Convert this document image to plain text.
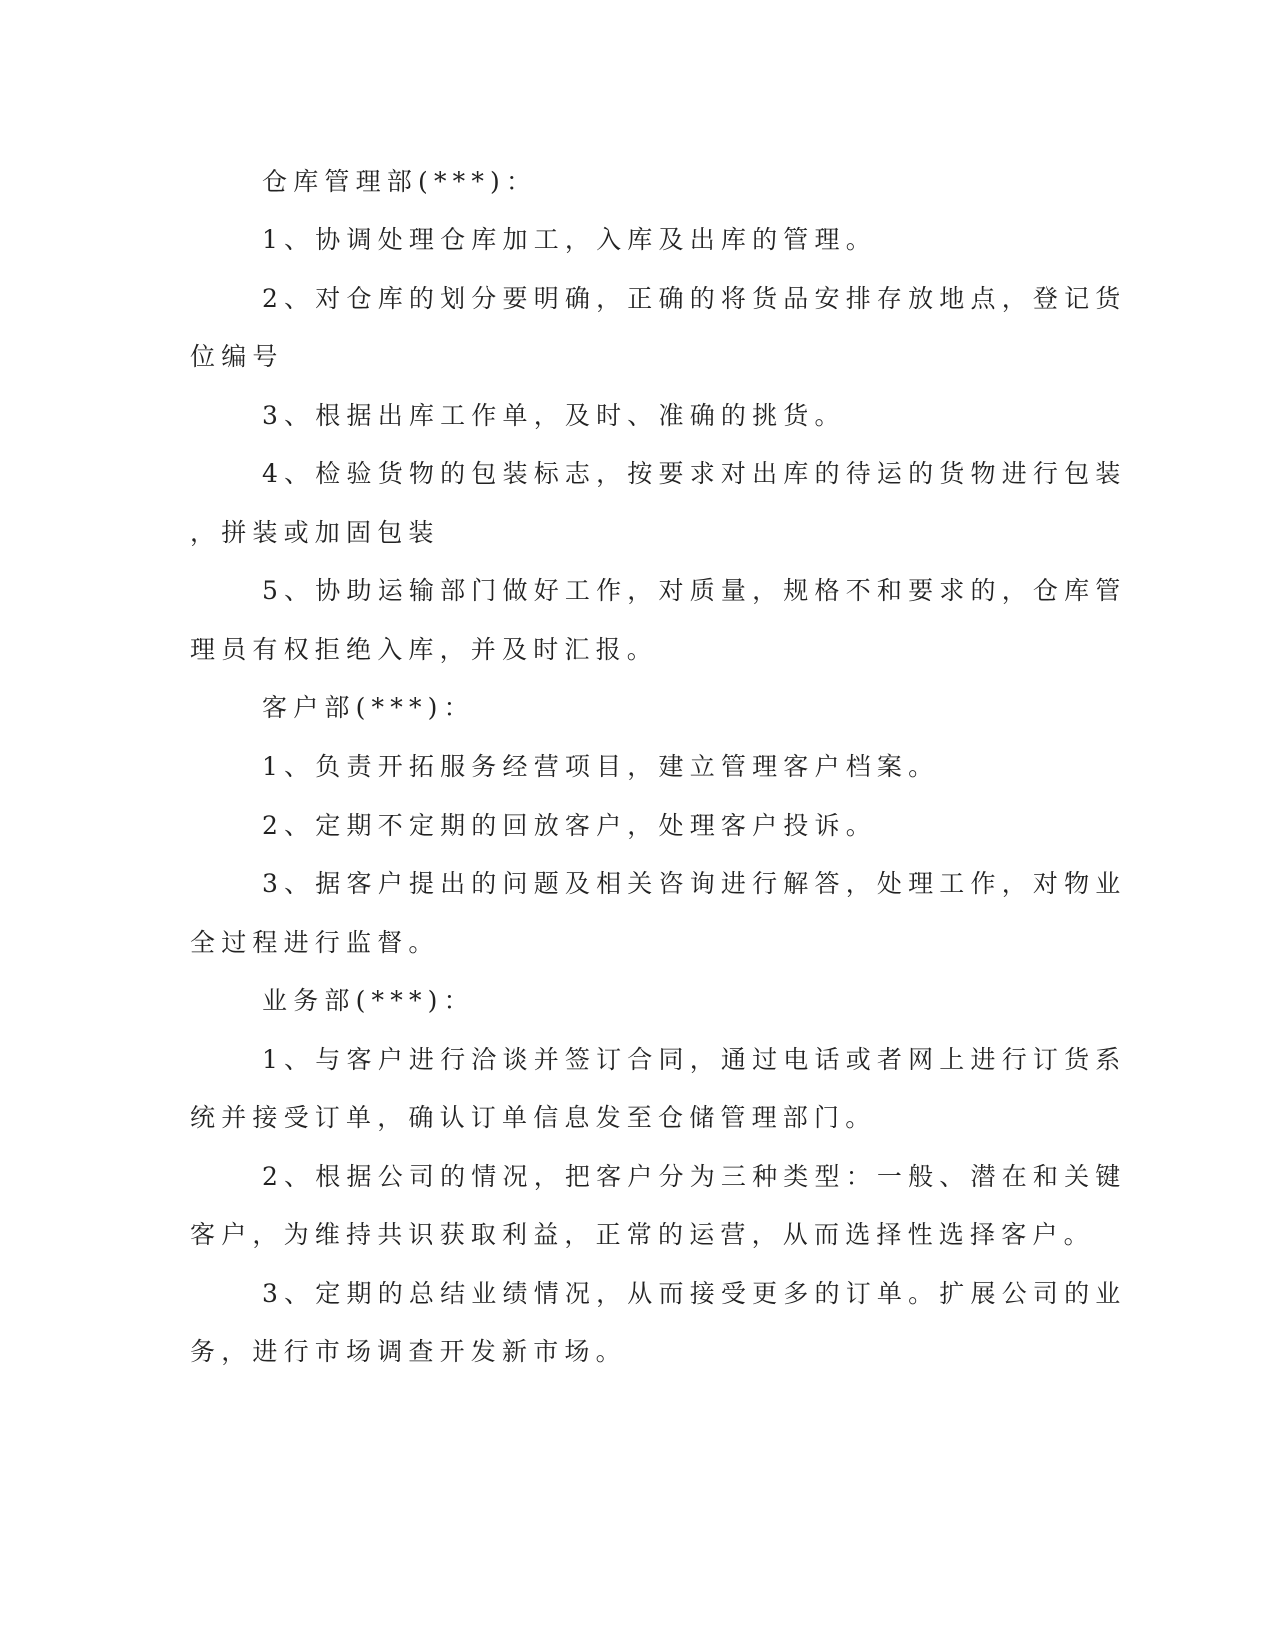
仓库管理部(***)：
1、协调处理仓库加工，入库及出库的管理。
2、对仓库的划分要明确，正确的将货品安排存放地点，登记货
位编号
3、根据出库工作单，及时、准确的挑货。
4、检验货物的包装标志，按要求对出库的待运的货物进行包装
，拼装或加固包装
5、协助运输部门做好工作，对质量，规格不和要求的，仓库管
理员有权拒绝入库，并及时汇报。
客户部(***)：
1、负责开拓服务经营项目，建立管理客户档案。
2、定期不定期的回放客户，处理客户投诉。
3、据客户提出的问题及相关咨询进行解答，处理工作，对物业
全过程进行监督。
业务部(***)：
1、与客户进行洽谈并签订合同，通过电话或者网上进行订货系
统并接受订单，确认订单信息发至仓储管理部门。
2、根据公司的情况，把客户分为三种类型：一般、潜在和关键
客户，为维持共识获取利益，正常的运营，从而选择性选择客户。
3、定期的总结业绩情况，从而接受更多的订单。扩展公司的业
务，进行市场调查开发新市场。
